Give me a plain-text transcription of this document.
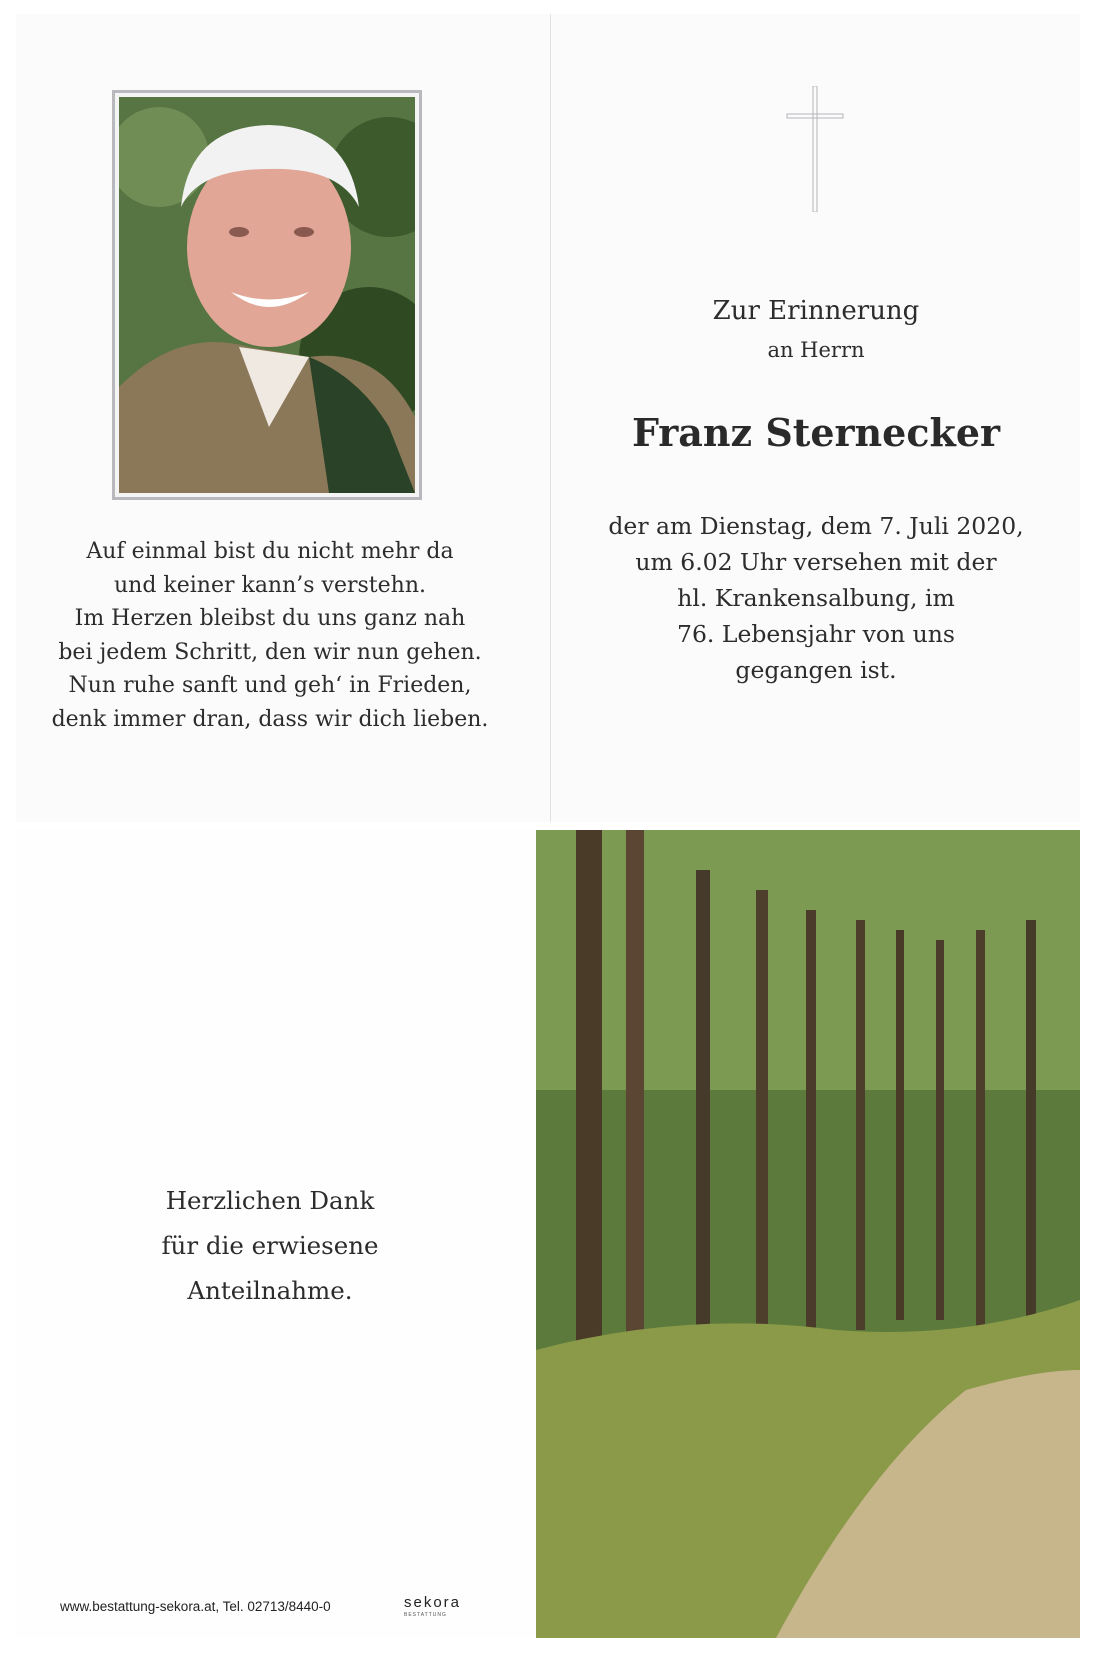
Auf einmal bist du nicht mehr da
und keiner kann’s verstehn.
Im Herzen bleibst du uns ganz nah
bei jedem Schritt, den wir nun gehen.
Nun ruhe sanft und geh‘ in Frieden,
denk immer dran, dass wir dich lieben.
Zur Erinnerung
an Herrn
Franz Sternecker
der am Dienstag, dem 7. Juli 2020,
um 6.02 Uhr versehen mit der
hl. Krankensalbung, im
76. Lebensjahr von uns
gegangen ist.
Herzlichen Dank
für die erwiesene
Anteilnahme.
www.bestattung-sekora.at, Tel. 02713/8440-0	sekora
BESTATTUNG
